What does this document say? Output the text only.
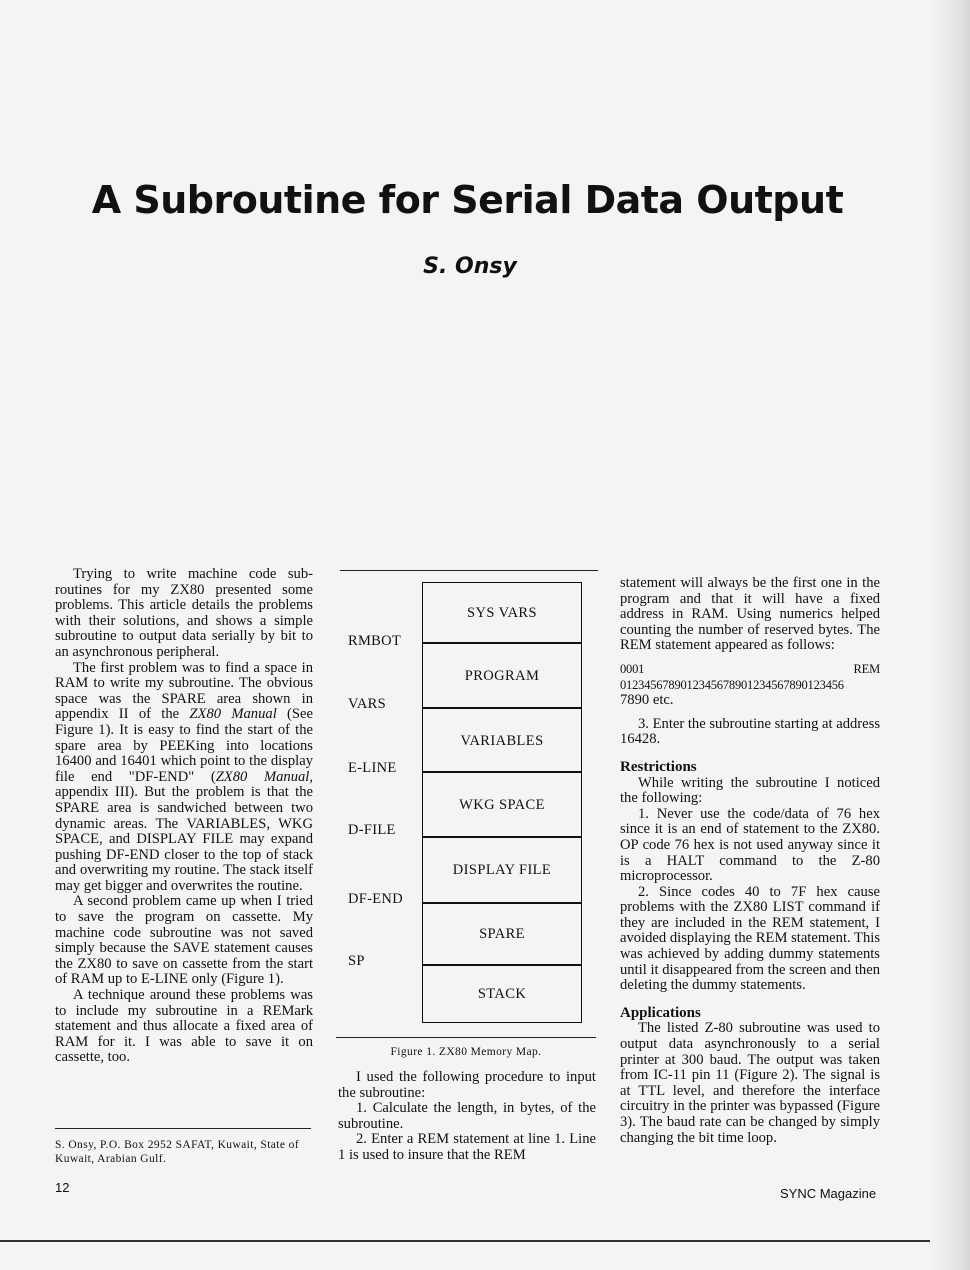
A Subroutine for Serial Data Output
S. Onsy

Trying to write machine code sub-routines for my ZX80 presented some problems. This article details the problems with their solutions, and shows a simple subroutine to output data serially by bit to an asynchronous peripheral.

The first problem was to find a space in RAM to write my subroutine. The obvious space was the SPARE area shown in appendix II of the ZX80 Manual (See Figure 1). It is easy to find the start of the spare area by PEEKing into locations 16400 and 16401 which point to the display file end "DF-END" (ZX80 Manual, appendix III). But the problem is that the SPARE area is sandwiched between two dynamic areas. The VARIABLES, WKG SPACE, and DISPLAY FILE may expand pushing DF-END closer to the top of stack and overwriting my routine. The stack itself may get bigger and overwrites the routine.

A second problem came up when I tried to save the program on cassette. My machine code subroutine was not saved simply because the SAVE statement causes the ZX80 to save on cassette from the start of RAM up to E-LINE only (Figure 1).

A technique around these problems was to include my subroutine in a REMark statement and thus allocate a fixed area of RAM for it. I was able to save it on cassette, too.

S. Onsy, P.O. Box 2952 SAFAT, Kuwait, State of Kuwait, Arabian Gulf.
SYS VARS
PROGRAM
VARIABLES
WKG SPACE
DISPLAY FILE
SPARE
STACK
RMBOT
VARS
E-LINE
D-FILE
DF-END
SP
Figure 1. ZX80 Memory Map.

I used the following procedure to input the subroutine:

1. Calculate the length, in bytes, of the subroutine.

2. Enter a REM statement at line 1. Line 1 is used to insure that the REM

statement will always be the first one in the program and that it will have a fixed address in RAM. Using numerics helped counting the number of reserved bytes. The REM statement appeared as follows:

0001 REM 0123456789012345678901234567890123456
7890 etc.

3. Enter the subroutine starting at address 16428.

Restrictions

While writing the subroutine I noticed the following:

1. Never use the code/data of 76 hex since it is an end of statement to the ZX80. OP code 76 hex is not used anyway since it is a HALT command to the Z-80 microprocessor.

2. Since codes 40 to 7F hex cause problems with the ZX80 LIST command if they are included in the REM statement, I avoided displaying the REM statement. This was achieved by adding dummy statements until it disappeared from the screen and then deleting the dummy statements.

Applications

The listed Z-80 subroutine was used to output data asynchronously to a serial printer at 300 baud. The output was taken from IC-11 pin 11 (Figure 2). The signal is at TTL level, and therefore the interface circuitry in the printer was bypassed (Figure 3). The baud rate can be changed by simply changing the bit time loop.

12	SYNC Magazine
